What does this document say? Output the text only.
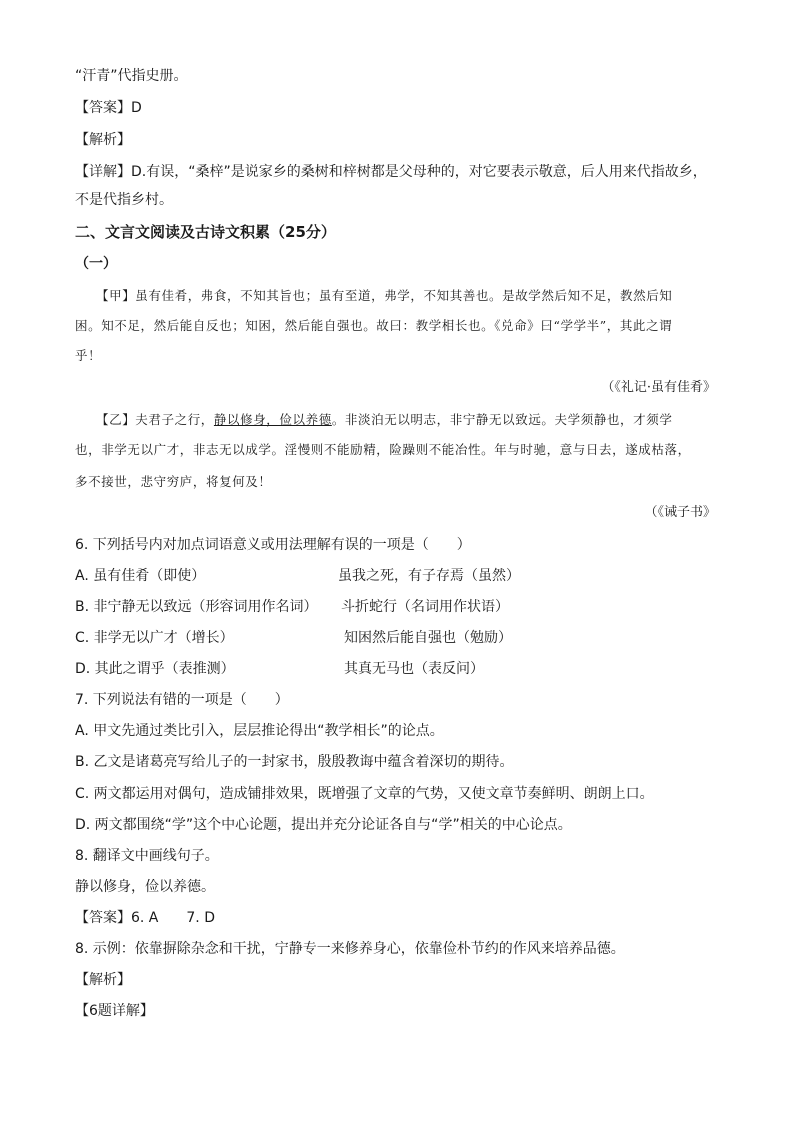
“汗青”代指史册。
【答案】D
【解析】
【详解】D.有误，“桑梓”是说家乡的桑树和梓树都是父母种的，对它要表示敬意，后人用来代指故乡，
不是代指乡村。
二、文言文阅读及古诗文积累（25分）
（一）
【甲】虽有佳肴，弗食，不知其旨也；虽有至道，弗学，不知其善也。是故学然后知不足，教然后知
困。知不足，然后能自反也；知困，然后能自强也。故曰：教学相长也。《兑命》曰“学学半”，其此之谓
乎！
（《礼记·虽有佳肴》
【乙】夫君子之行，静以修身，俭以养德。非淡泊无以明志，非宁静无以致远。夫学须静也，才须学
也，非学无以广才，非志无以成学。淫慢则不能励精，险躁则不能冶性。年与时驰，意与日去，遂成枯落，
多不接世，悲守穷庐，将复何及！
（《诫子书》
6. 下列括号内对加点词语意义或用法理解有误的一项是（　　）
A. 虽有佳肴（即使）	虽我之死，有子存焉（虽然）
B. 非宁静无以致远（形容词用作名词） 斗折蛇行（名词用作状语）
C. 非学无以广才（增长）	知困然后能自强也（勉励）
D. 其此之谓乎（表推测）	其真无马也（表反问）
7. 下列说法有错的一项是（　　）
A. 甲文先通过类比引入，层层推论得出“教学相长”的论点。
B. 乙文是诸葛亮写给儿子的一封家书，殷殷教诲中蕴含着深切的期待。
C. 两文都运用对偶句，造成铺排效果，既增强了文章的气势，又使文章节奏鲜明、朗朗上口。
D. 两文都围绕“学”这个中心论题，提出并充分论证各自与“学”相关的中心论点。
8. 翻译文中画线句子。
静以修身，俭以养德。
【答案】6. A　　7. D
8. 示例：依靠摒除杂念和干扰，宁静专一来修养身心，依靠俭朴节约的作风来培养品德。
【解析】
【6题详解】
